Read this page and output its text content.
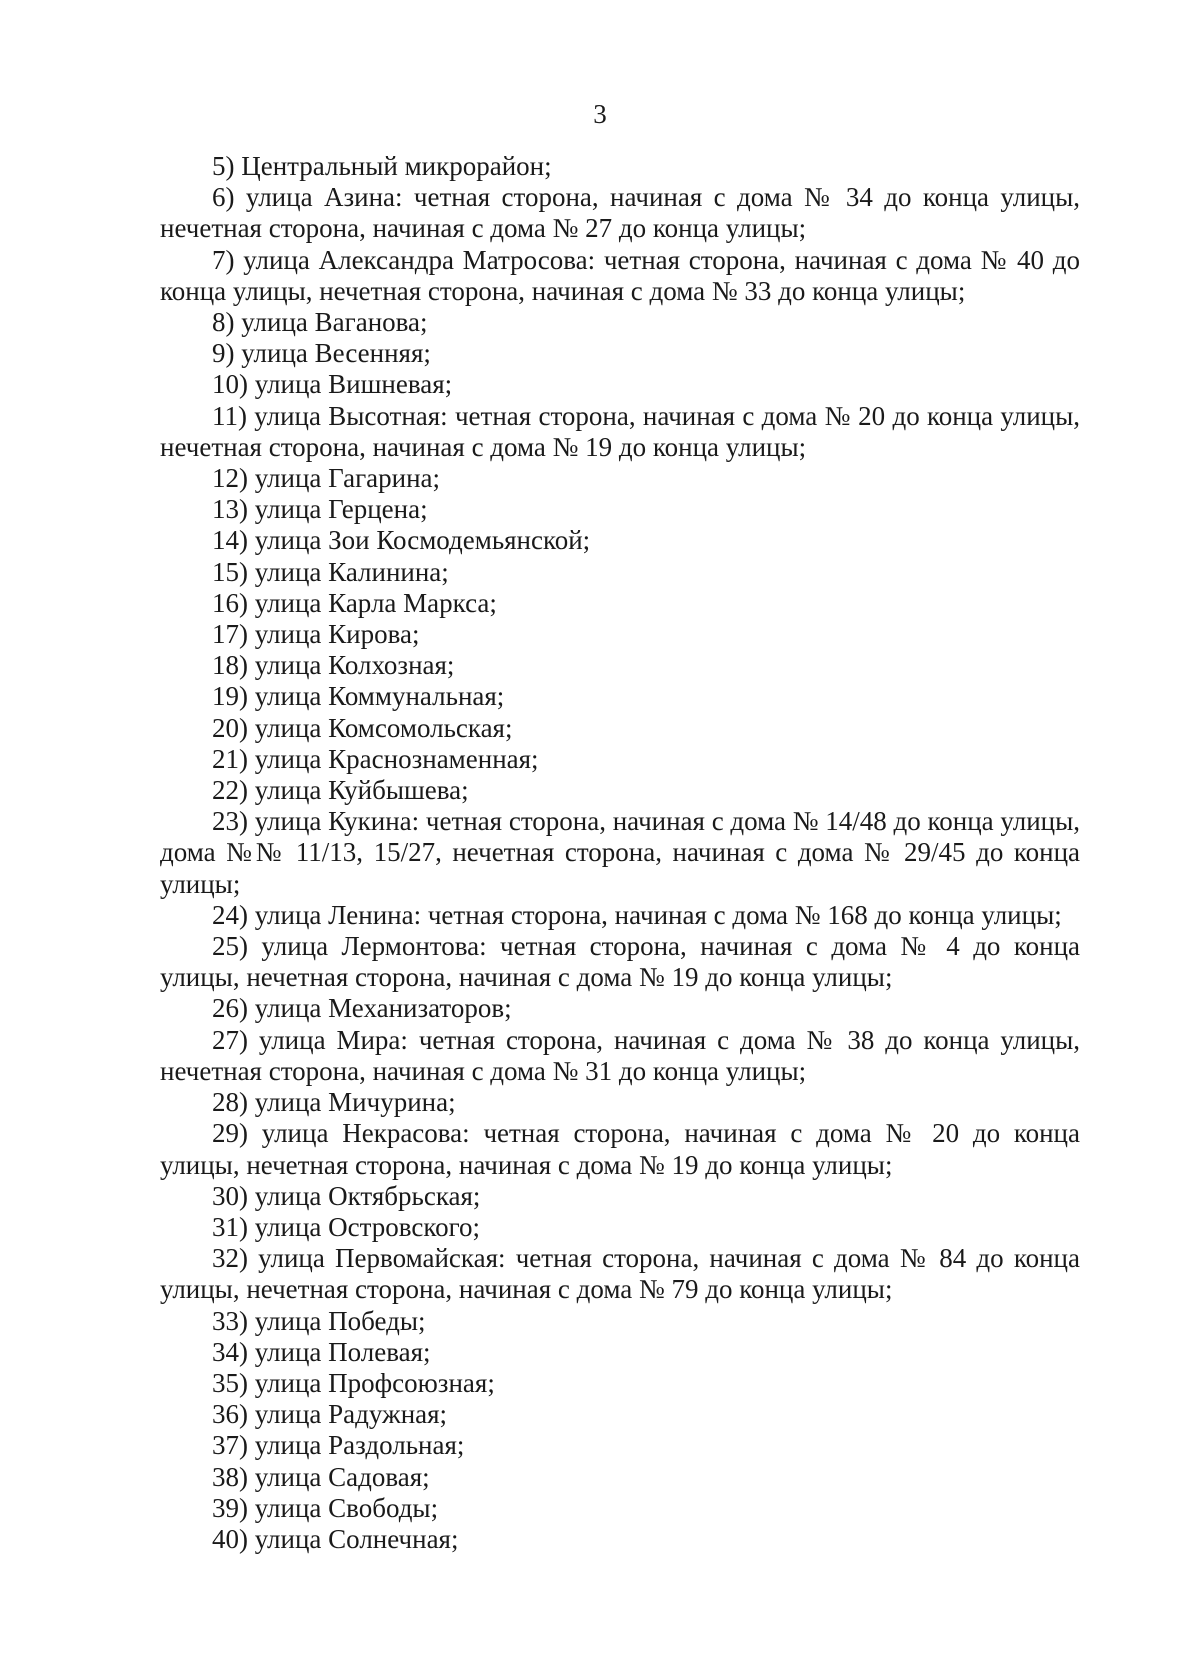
3

5) Центральный микрорайон;

6) улица Азина: четная сторона, начиная с дома № 34 до конца улицы, нечетная сторона, начиная с дома № 27 до конца улицы;

7) улица Александра Матросова: четная сторона, начиная с дома № 40 до конца улицы, нечетная сторона, начиная с дома № 33 до конца улицы;

8) улица Ваганова;

9) улица Весенняя;

10) улица Вишневая;

11) улица Высотная: четная сторона, начиная с дома № 20 до конца улицы, нечетная сторона, начиная с дома № 19 до конца улицы;

12) улица Гагарина;

13) улица Герцена;

14) улица Зои Космодемьянской;

15) улица Калинина;

16) улица Карла Маркса;

17) улица Кирова;

18) улица Колхозная;

19) улица Коммунальная;

20) улица Комсомольская;

21) улица Краснознаменная;

22) улица Куйбышева;

23) улица Кукина: четная сторона, начиная с дома № 14/48 до конца улицы, дома №№ 11/13, 15/27, нечетная сторона, начиная с дома № 29/45 до конца улицы;

24) улица Ленина: четная сторона, начиная с дома № 168 до конца улицы;

25) улица Лермонтова: четная сторона, начиная с дома № 4 до конца улицы, нечетная сторона, начиная с дома № 19 до конца улицы;

26) улица Механизаторов;

27) улица Мира: четная сторона, начиная с дома № 38 до конца улицы, нечетная сторона, начиная с дома № 31 до конца улицы;

28) улица Мичурина;

29) улица Некрасова: четная сторона, начиная с дома № 20 до конца улицы, нечетная сторона, начиная с дома № 19 до конца улицы;

30) улица Октябрьская;

31) улица Островского;

32) улица Первомайская: четная сторона, начиная с дома № 84 до конца улицы, нечетная сторона, начиная с дома № 79 до конца улицы;

33) улица Победы;

34) улица Полевая;

35) улица Профсоюзная;

36) улица Радужная;

37) улица Раздольная;

38) улица Садовая;

39) улица Свободы;

40) улица Солнечная;
